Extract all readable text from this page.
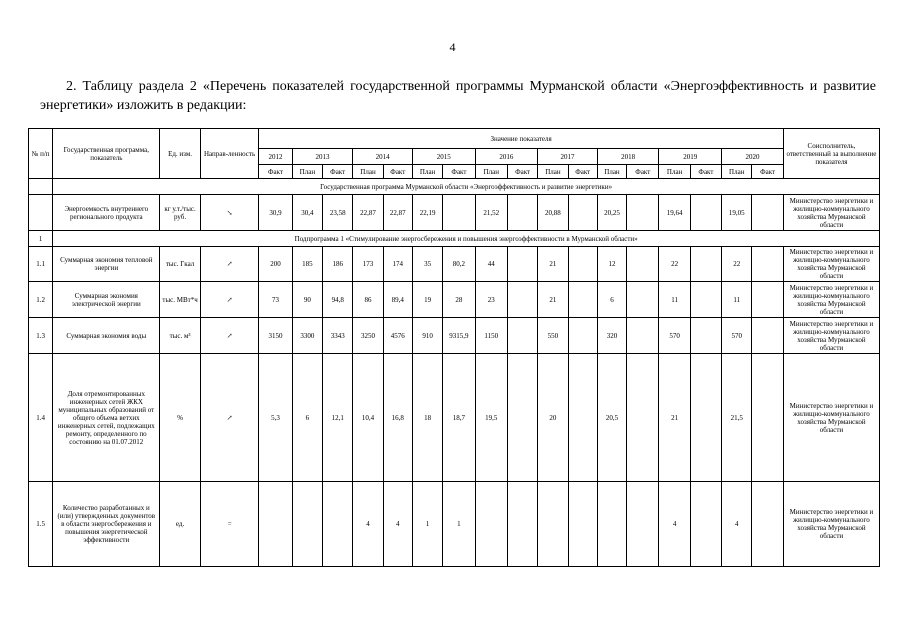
4
2. Таблицу раздела 2 «Перечень показателей государственной программы Мурманской области «Энергоэффективность и развитие энергетики» изложить в редакции:
№ п/п	Государственная программа, показатель	Ед. изм.	Направ-ленность	Значение показателя																	Соисполнитель, ответственный за выполнение показателя
				2012	2013		2014		2015		2016		2017		2018		2019		2020		
				Факт	План	Факт	План	Факт	План	Факт	План	Факт	План	Факт	План	Факт	План	Факт	План	Факт	
	Государственная программа Мурманской области «Энергоэффективность и развитие энергетики»																				
	Энергоемкость внутреннего регионального продукта	кг у.т./тыс. руб.	↘	30,9	30,4	23,58	22,87	22,87	22,19		21,52		20,88		20,25		19,64		19,05		Министерство энергетики и жилищно-коммунального хозяйства Мурманской области
1	Подпрограмма 1 «Стимулирование энергосбережения и повышения энергоэффективности в Мурманской области»																				
1.1	Суммарная экономия тепловой энергии	тыс. Гкал	↗	200	185	186	173	174	35	80,2	44		21		12		22		22		Министерство энергетики и жилищно-коммунального хозяйства Мурманской области
1.2	Суммарная экономия электрической энергии	тыс. МВт*ч	↗	73	90	94,8	86	89,4	19	28	23		21		6		11		11		Министерство энергетики и жилищно-коммунального хозяйства Мурманской области
1.3	Суммарная экономия воды	тыс. м³	↗	3150	3300	3343	3250	4576	910	9315,9	1150		550		320		570		570		Министерство энергетики и жилищно-коммунального хозяйства Мурманской области
1.4	Доля отремонтированных инженерных сетей ЖКХ муниципальных образований от общего объема ветхих инженерных сетей, подлежащих ремонту, определенного по состоянию на 01.07.2012	%	↗	5,3	6	12,1	10,4	16,8	18	18,7	19,5		20		20,5		21		21,5		Министерство энергетики и жилищно-коммунального хозяйства Мурманской области
1.5	Количество разработанных и (или) утвержденных документов в области энергосбережения и повышения энергетической эффективности	ед.	=				4	4	1	1							4		4		Министерство энергетики и жилищно-коммунального хозяйства Мурманской области
